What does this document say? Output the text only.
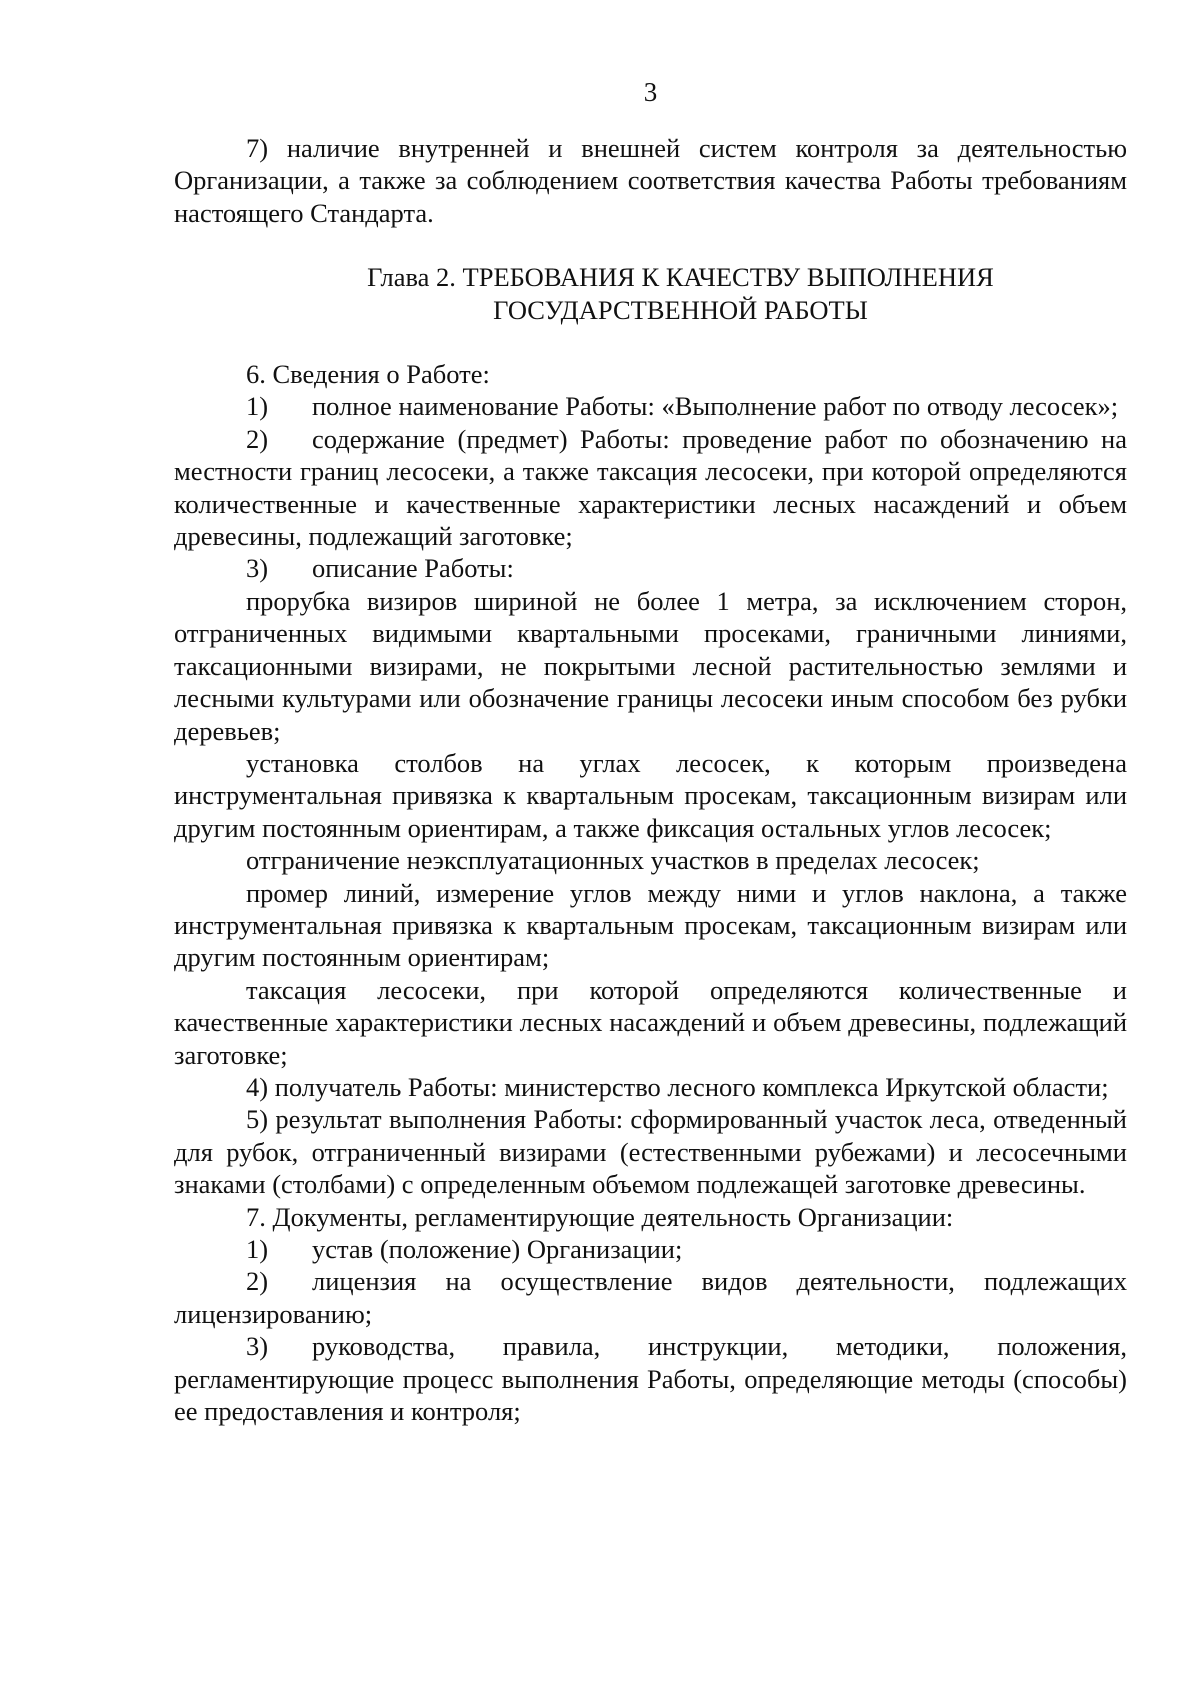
3

7) наличие внутренней и внешней систем контроля за деятельностью Организации, а также за соблюдением соответствия качества Работы требованиям настоящего Стандарта.

Глава 2. ТРЕБОВАНИЯ К КАЧЕСТВУ ВЫПОЛНЕНИЯ
ГОСУДАРСТВЕННОЙ РАБОТЫ

6. Сведения о Работе:

1) полное наименование Работы: «Выполнение работ по отводу лесосек»;

2) содержание (предмет) Работы: проведение работ по обозначению на местности границ лесосеки, а также таксация лесосеки, при которой определяются количественные и качественные характеристики лесных насаждений и объем древесины, подлежащий заготовке;

3) описание Работы:

прорубка визиров шириной не более 1 метра, за исключением сторон, отграниченных видимыми квартальными просеками, граничными линиями, таксационными визирами, не покрытыми лесной растительностью землями и лесными культурами или обозначение границы лесосеки иным способом без рубки деревьев;

установка столбов на углах лесосек, к которым произведена инструментальная привязка к квартальным просекам, таксационным визирам или другим постоянным ориентирам, а также фиксация остальных углов лесосек;

отграничение неэксплуатационных участков в пределах лесосек;

промер линий, измерение углов между ними и углов наклона, а также инструментальная привязка к квартальным просекам, таксационным визирам или другим постоянным ориентирам;

таксация лесосеки, при которой определяются количественные и качественные характеристики лесных насаждений и объем древесины, подлежащий заготовке;

4) получатель Работы: министерство лесного комплекса Иркутской области;

5) результат выполнения Работы: сформированный участок леса, отведенный для рубок, отграниченный визирами (естественными рубежами) и лесосечными знаками (столбами) с определенным объемом подлежащей заготовке древесины.

7. Документы, регламентирующие деятельность Организации:

1) устав (положение) Организации;

2) лицензия на осуществление видов деятельности, подлежащих лицензированию;

3) руководства, правила, инструкции, методики, положения, регламентирующие процесс выполнения Работы, определяющие методы (способы) ее предоставления и контроля;
